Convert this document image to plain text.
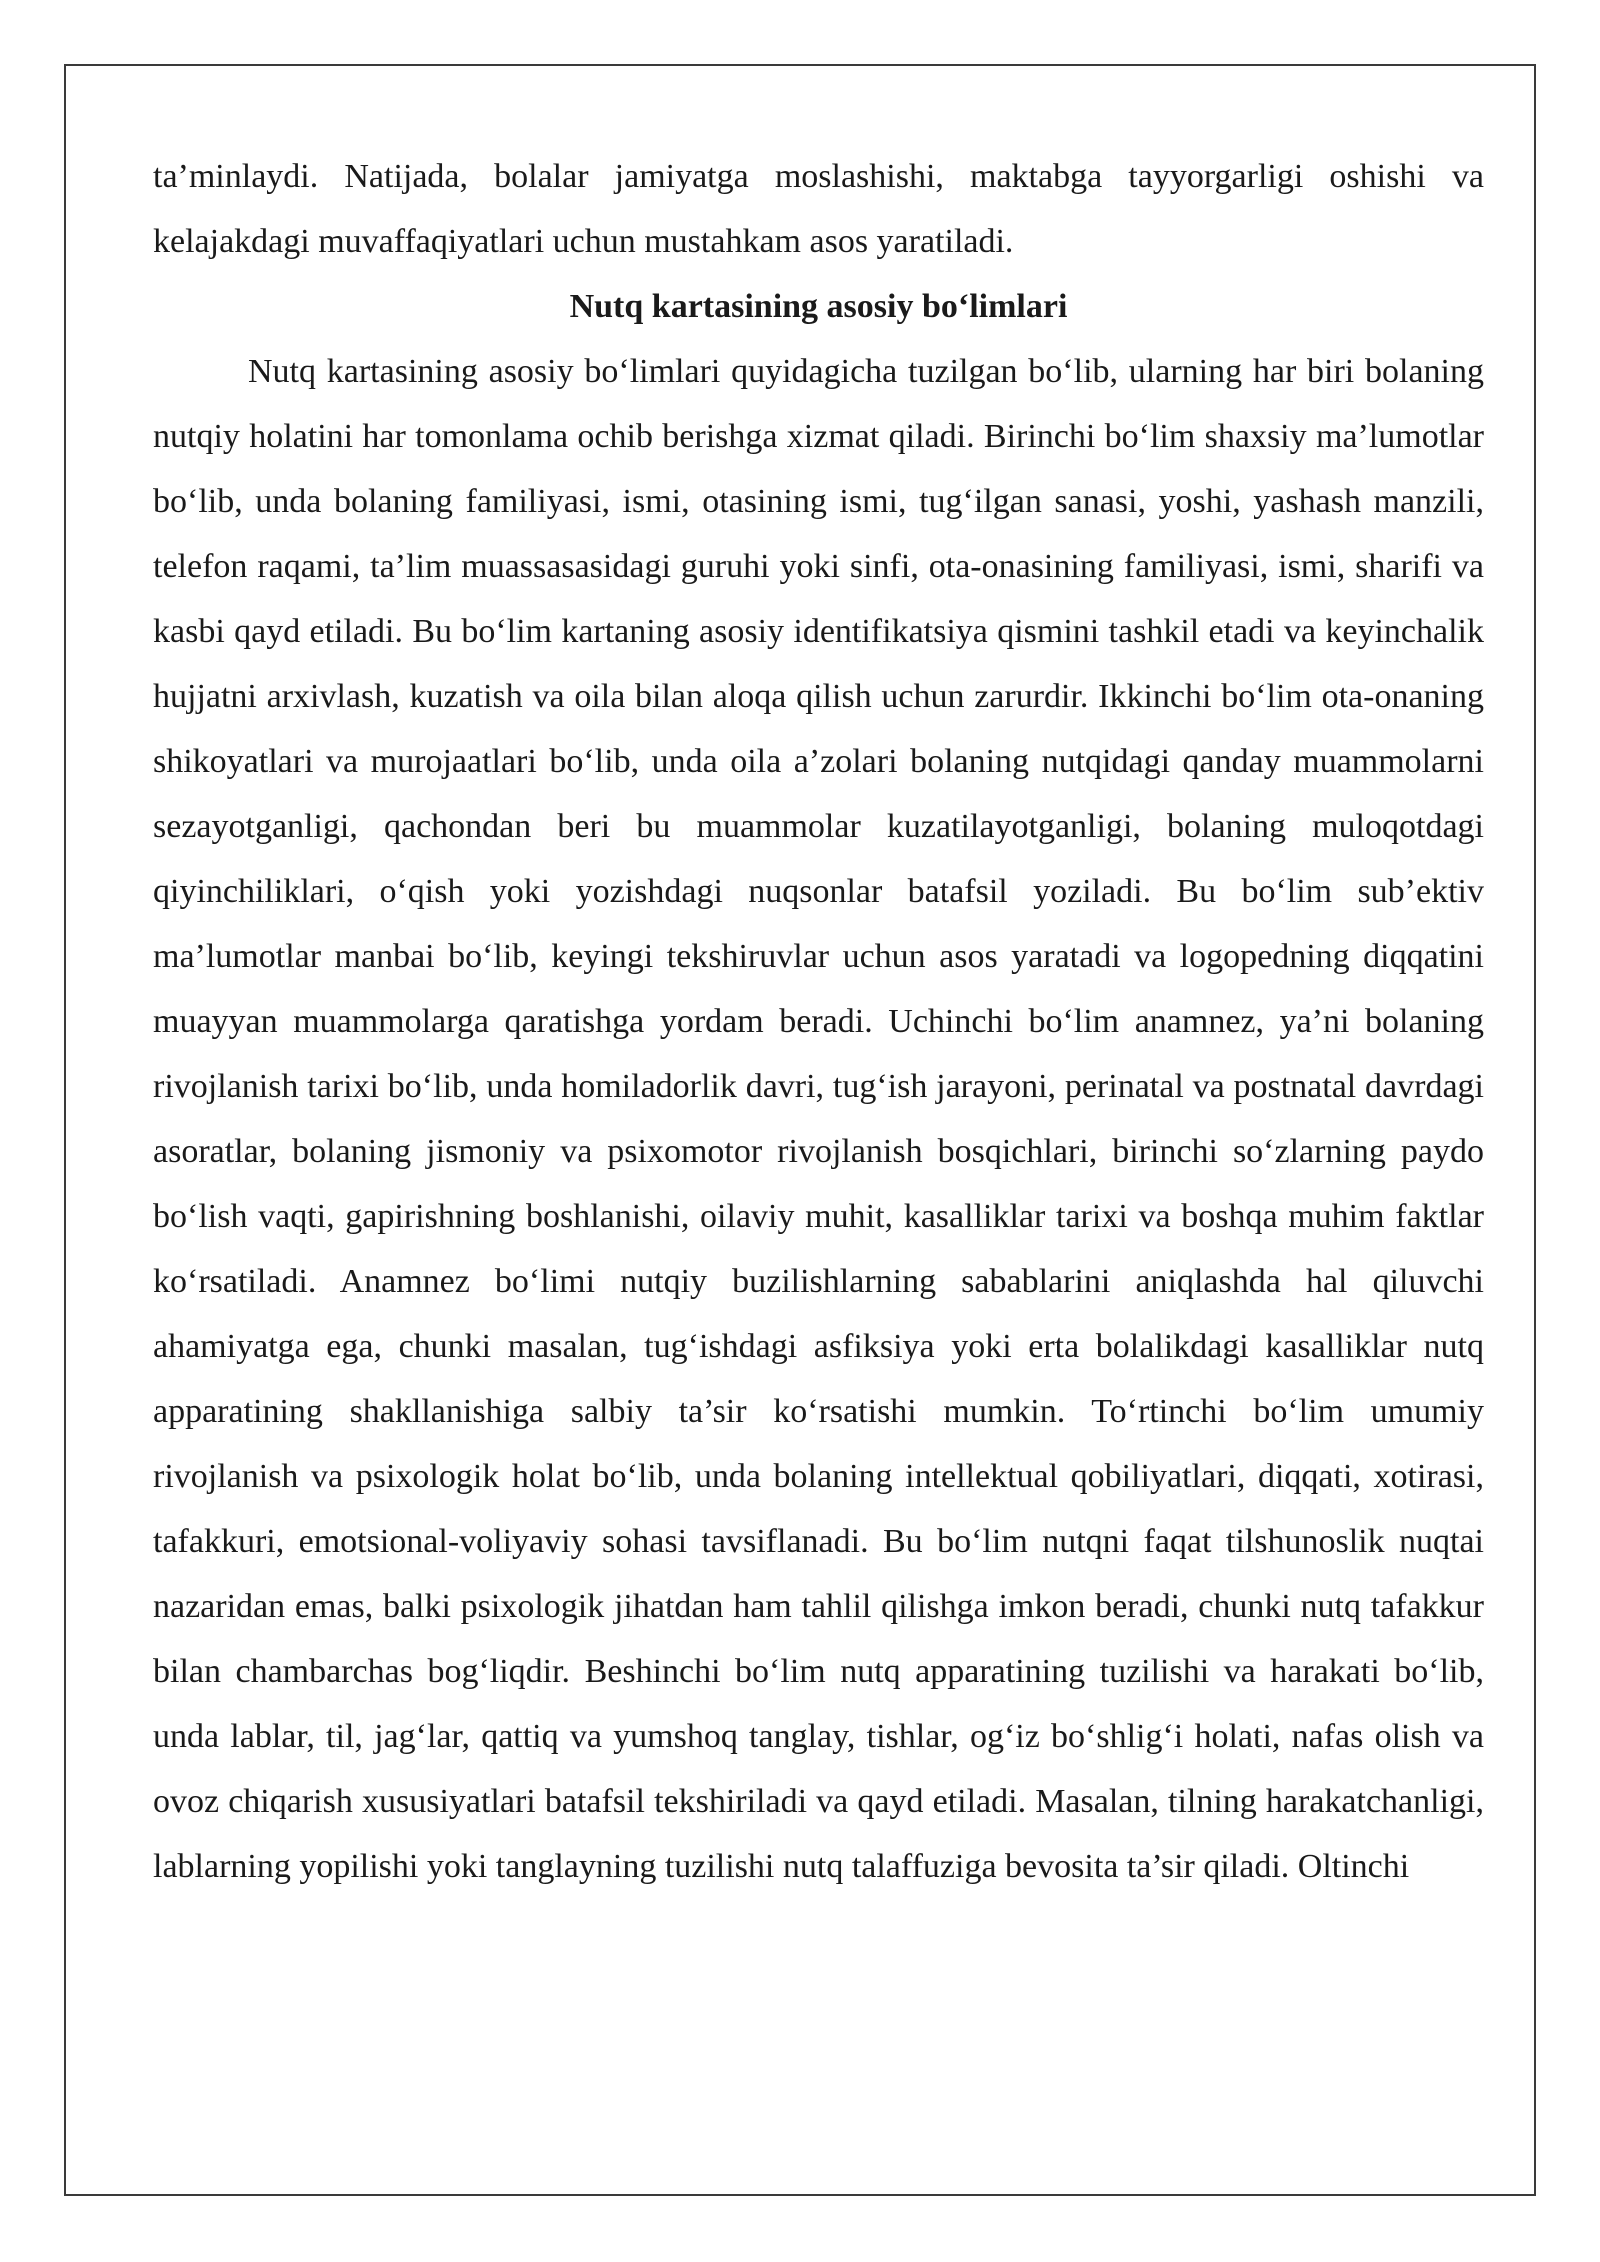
ta’minlaydi. Natijada, bolalar jamiyatga moslashishi, maktabga tayyorgarligi oshishi va kelajakdagi muvaffaqiyatlari uchun mustahkam asos yaratiladi.

Nutq kartasining asosiy bo‘limlari

Nutq kartasining asosiy bo‘limlari quyidagicha tuzilgan bo‘lib, ularning har biri bolaning nutqiy holatini har tomonlama ochib berishga xizmat qiladi. Birinchi bo‘lim shaxsiy ma’lumotlar bo‘lib, unda bolaning familiyasi, ismi, otasining ismi, tug‘ilgan sanasi, yoshi, yashash manzili, telefon raqami, ta’lim muassasasidagi guruhi yoki sinfi, ota-onasining familiyasi, ismi, sharifi va kasbi qayd etiladi. Bu bo‘lim kartaning asosiy identifikatsiya qismini tashkil etadi va keyinchalik hujjatni arxivlash, kuzatish va oila bilan aloqa qilish uchun zarurdir. Ikkinchi bo‘lim ota-onaning shikoyatlari va murojaatlari bo‘lib, unda oila a’zolari bolaning nutqidagi qanday muammolarni sezayotganligi, qachondan beri bu muammolar kuzatilayotganligi, bolaning muloqotdagi qiyinchiliklari, o‘qish yoki yozishdagi nuqsonlar batafsil yoziladi. Bu bo‘lim sub’ektiv ma’lumotlar manbai bo‘lib, keyingi tekshiruvlar uchun asos yaratadi va logopedning diqqatini muayyan muammolarga qaratishga yordam beradi. Uchinchi bo‘lim anamnez, ya’ni bolaning rivojlanish tarixi bo‘lib, unda homiladorlik davri, tug‘ish jarayoni, perinatal va postnatal davrdagi asoratlar, bolaning jismoniy va psixomotor rivojlanish bosqichlari, birinchi so‘zlarning paydo bo‘lish vaqti, gapirishning boshlanishi, oilaviy muhit, kasalliklar tarixi va boshqa muhim faktlar ko‘rsatiladi. Anamnez bo‘limi nutqiy buzilishlarning sabablarini aniqlashda hal qiluvchi ahamiyatga ega, chunki masalan, tug‘ishdagi asfiksiya yoki erta bolalikdagi kasalliklar nutq apparatining shakllanishiga salbiy ta’sir ko‘rsatishi mumkin. To‘rtinchi bo‘lim umumiy rivojlanish va psixologik holat bo‘lib, unda bolaning intellektual qobiliyatlari, diqqati, xotirasi, tafakkuri, emotsional-voliyaviy sohasi tavsiflanadi. Bu bo‘lim nutqni faqat tilshunoslik nuqtai nazaridan emas, balki psixologik jihatdan ham tahlil qilishga imkon beradi, chunki nutq tafakkur bilan chambarchas bog‘liqdir. Beshinchi bo‘lim nutq apparatining tuzilishi va harakati bo‘lib, unda lablar, til, jag‘lar, qattiq va yumshoq tanglay, tishlar, og‘iz bo‘shlig‘i holati, nafas olish va ovoz chiqarish xususiyatlari batafsil tekshiriladi va qayd etiladi. Masalan, tilning harakatchanligi, lablarning yopilishi yoki tanglayning tuzilishi nutq talaffuziga bevosita ta’sir qiladi. Oltinchi
